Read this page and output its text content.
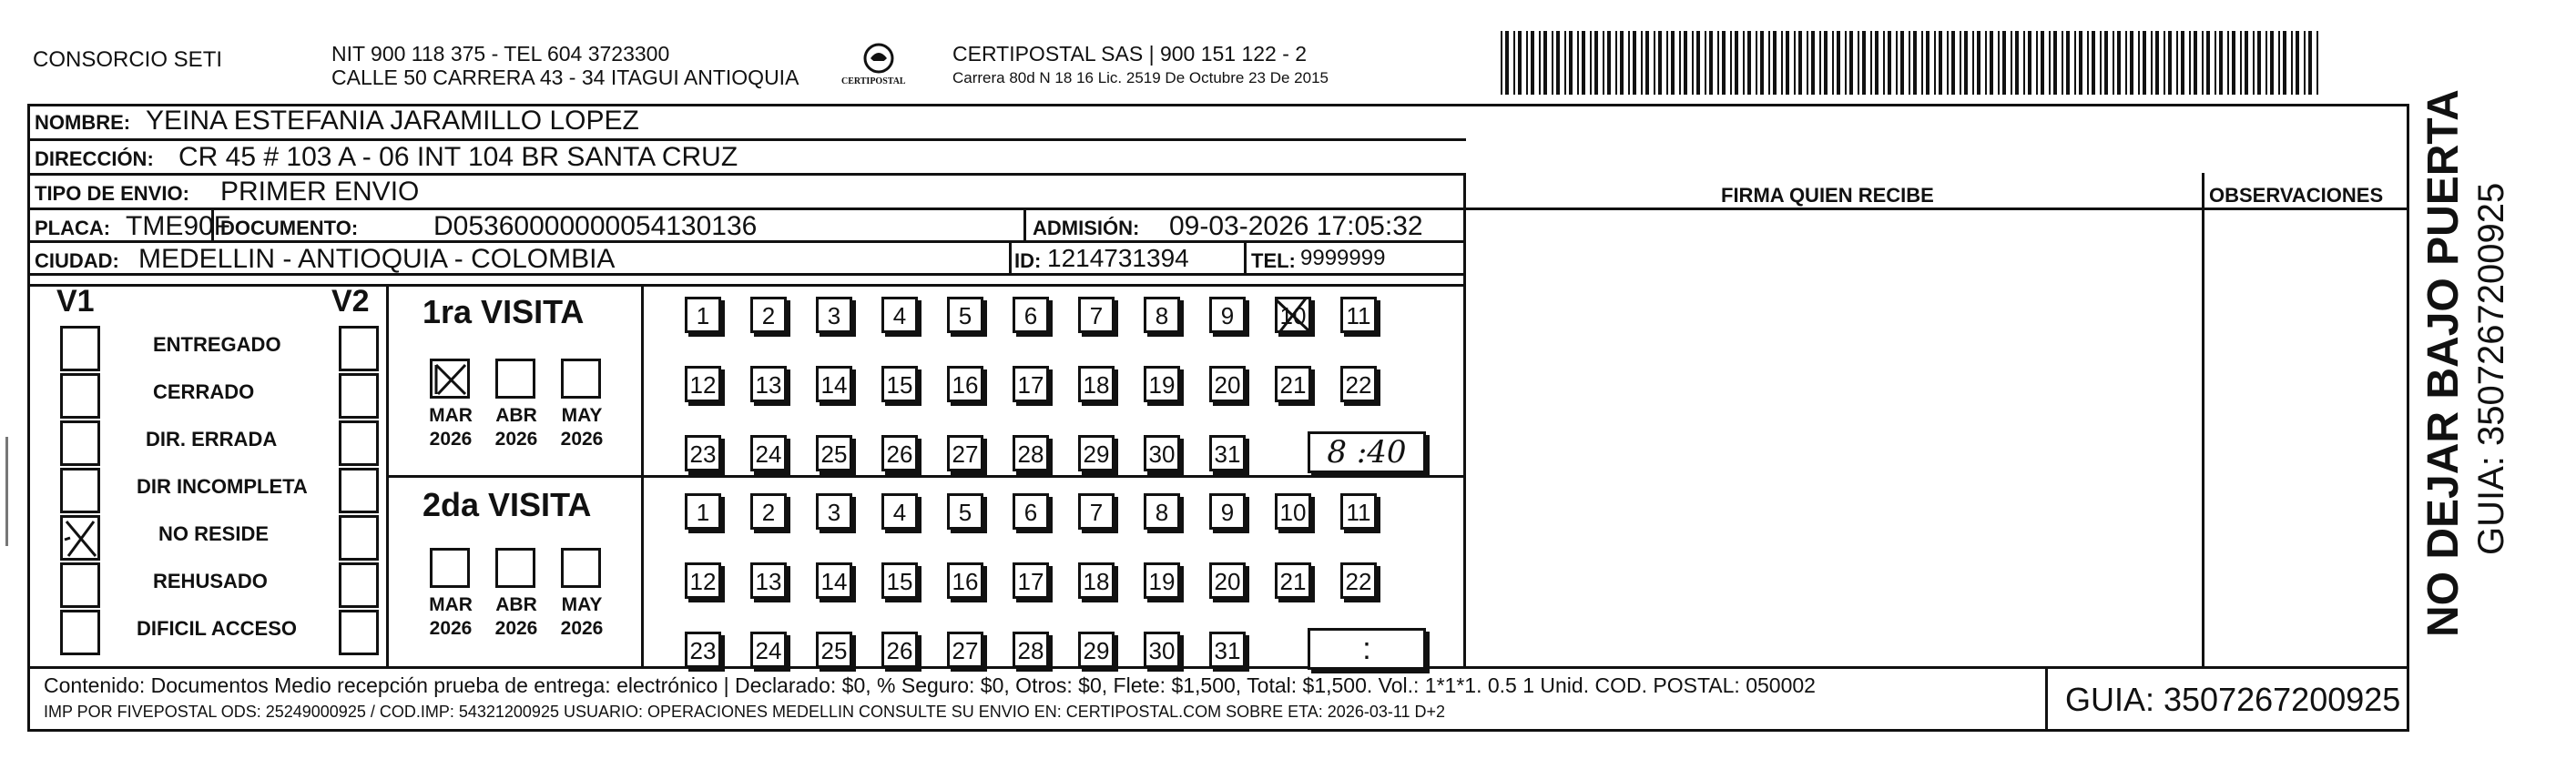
CONSORCIO SETI	NIT 900 118 375 - TEL 604 3723300
CALLE 50 CARRERA 43 - 34 ITAGUI ANTIOQUIA	CERTIPOSTAL
CERTIPOSTAL SAS | 900 151 122 - 2
Carrera 80d N 18 16 Lic. 2519 De Octubre 23 De 2015
NOMBRE: YEINA ESTEFANIA JARAMILLO LOPEZ
DIRECCIÓN: CR 45 # 103 A - 06 INT 104 BR SANTA CRUZ
TIPO DE ENVIO: PRIMER ENVIO
PLACA: TME90F
DOCUMENTO:	D05360000000054130136	ADMISIÓN: 09-03-2026 17:05:32
CIUDAD: MEDELLIN - ANTIOQUIA - COLOMBIA	ID: 1214731394	TEL: 9999999
FIRMA QUIEN RECIBE	OBSERVACIONES
V1	V2 1ra VISITA
2da VISITA
Contenido: Documentos Medio recepción prueba de entrega: electrónico | Declarado: $0, % Seguro: $0, Otros: $0, Flete: $1,500, Total: $1,500. Vol.: 1*1*1. 0.5 1 Unid. COD. POSTAL: 050002
IMP POR FIVEPOSTAL ODS: 25249000925 / COD.IMP: 54321200925 USUARIO: OPERACIONES MEDELLIN CONSULTE SU ENVIO EN: CERTIPOSTAL.COM SOBRE ETA: 2026-03-11 D+2	GUIA: 3507267200925
NO DEJAR BAJO PUERTA GUIA: 3507267200925
ENTREGADO
CERRADO
DIR. ERRADA
DIR INCOMPLETA
NO RESIDE
REHUSADO
DIFICIL ACCESO
MAR
2026
ABR
2026
MAY
2026
MAR
2026
ABR
2026
MAY
2026
1	2	3	4	5	6	7	8	9	10 11
12 13 14 15 16 17 18 19 20 21 22
23 24 25 26 27 28 29 30 31	8 :40
1	2	3	4	5	6	7	8	9	10 11
12 13 14 15 16 17 18 19 20 21 22
23 24 25 26 27 28 29 30 31	:
